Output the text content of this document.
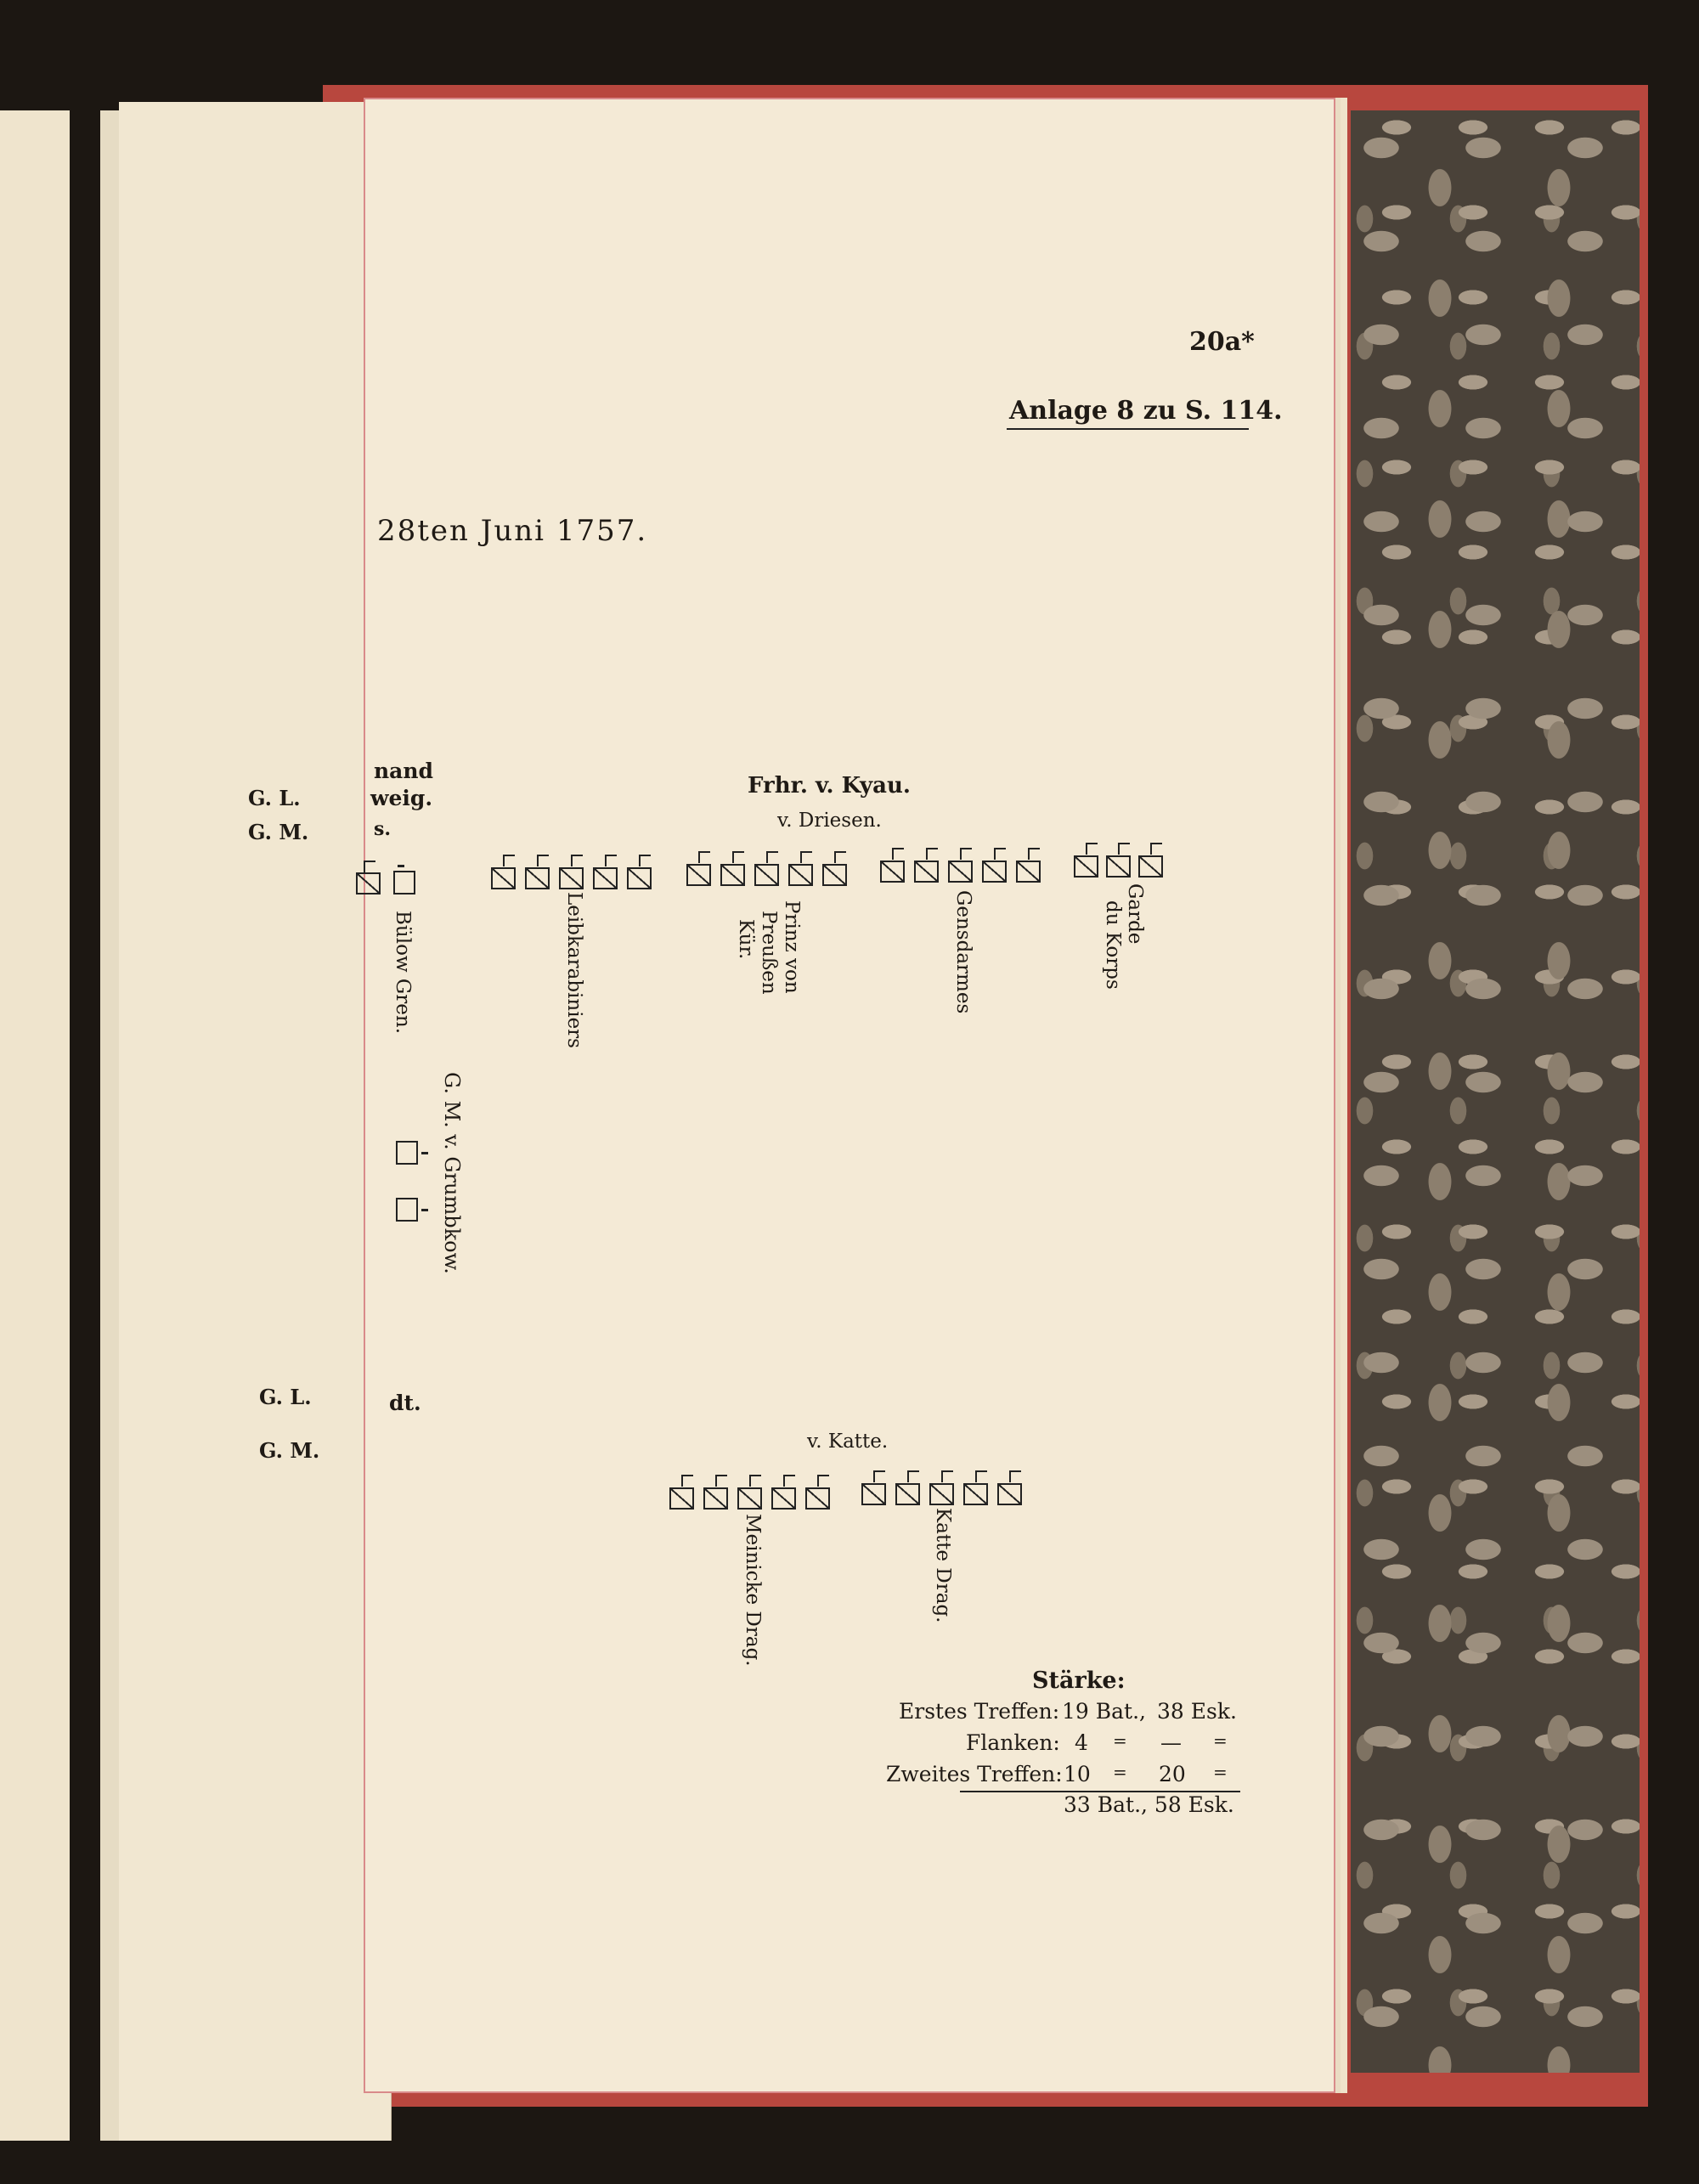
G. L.
G. M.
G. L.
G. M.
20a*
Anlage 8 zu S. 114.
28ten Juni 1757.
nand
weig.
s.
dt.
Frhr. v. Kyau.
v. Driesen.
Bülow Gren.	Leibkarabiniers	Prinz von
Preußen
Kür.	Gensdarmes	Garde
du Korps
G. M. v. Grumbkow.
v. Katte.
Meinicke Drag.	Katte Drag.
Stärke:
Erstes Treffen: 19 Bat., 38 Esk.
Flanken: 4 = — =
Zweites Treffen: 10 = 20 =
33 Bat., 58 Esk.
